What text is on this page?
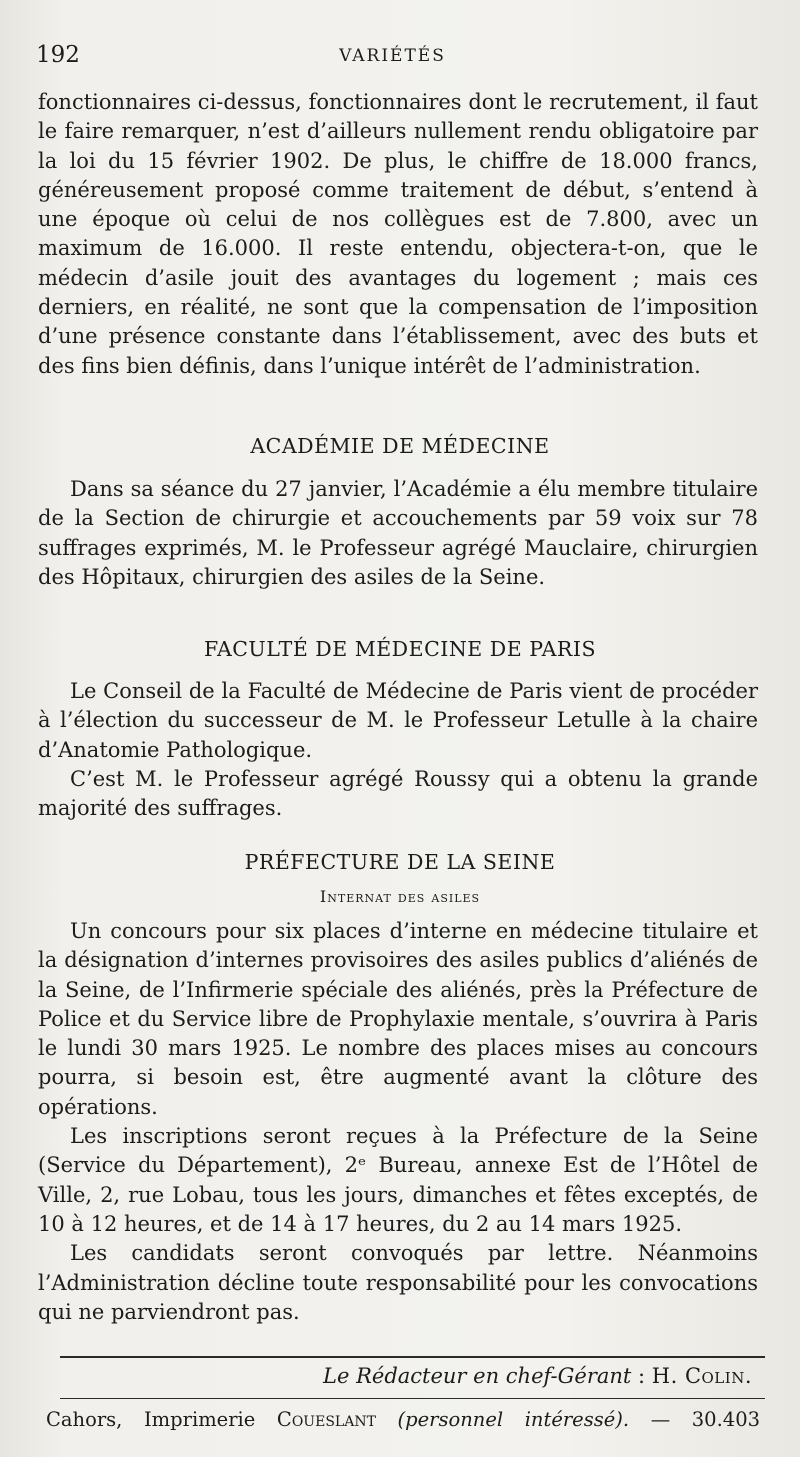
192	VARIÉTÉS

fonctionnaires ci-dessus, fonctionnaires dont le recrutement, il faut le faire remarquer, n’est d’ailleurs nullement rendu obligatoire par la loi du 15 février 1902. De plus, le chiffre de 18.000 francs, généreusement proposé comme traitement de début, s’entend à une époque où celui de nos collègues est de 7.800, avec un maximum de 16.000. Il reste entendu, objectera-t-on, que le médecin d’asile jouit des avantages du logement ; mais ces derniers, en réalité, ne sont que la compensation de l’imposition d’une présence constante dans l’établissement, avec des buts et des fins bien définis, dans l’unique intérêt de l’administration.

ACADÉMIE DE MÉDECINE

Dans sa séance du 27 janvier, l’Académie a élu membre titulaire de la Section de chirurgie et accouchements par 59 voix sur 78 suffrages exprimés, M. le Professeur agrégé Mauclaire, chirurgien des Hôpitaux, chirurgien des asiles de la Seine.

FACULTÉ DE MÉDECINE DE PARIS

Le Conseil de la Faculté de Médecine de Paris vient de procéder à l’élection du successeur de M. le Professeur Letulle à la chaire d’Anatomie Pathologique.

C’est M. le Professeur agrégé Roussy qui a obtenu la grande majorité des suffrages.

PRÉFECTURE DE LA SEINE
Internat des asiles

Un concours pour six places d’interne en médecine titulaire et la désignation d’internes provisoires des asiles publics d’aliénés de la Seine, de l’Infirmerie spéciale des aliénés, près la Préfecture de Police et du Service libre de Prophylaxie mentale, s’ouvrira à Paris le lundi 30 mars 1925. Le nombre des places mises au concours pourra, si besoin est, être augmenté avant la clôture des opérations.

Les inscriptions seront reçues à la Préfecture de la Seine (Service du Département), 2ᵉ Bureau, annexe Est de l’Hôtel de Ville, 2, rue Lobau, tous les jours, dimanches et fêtes exceptés, de 10 à 12 heures, et de 14 à 17 heures, du 2 au 14 mars 1925.

Les candidats seront convoqués par lettre. Néanmoins l’Administration décline toute responsabilité pour les convocations qui ne parviendront pas.

Le Rédacteur en chef-Gérant : H. Colin.
Cahors, Imprimerie Coueslant (personnel intéressé). — 30.403
